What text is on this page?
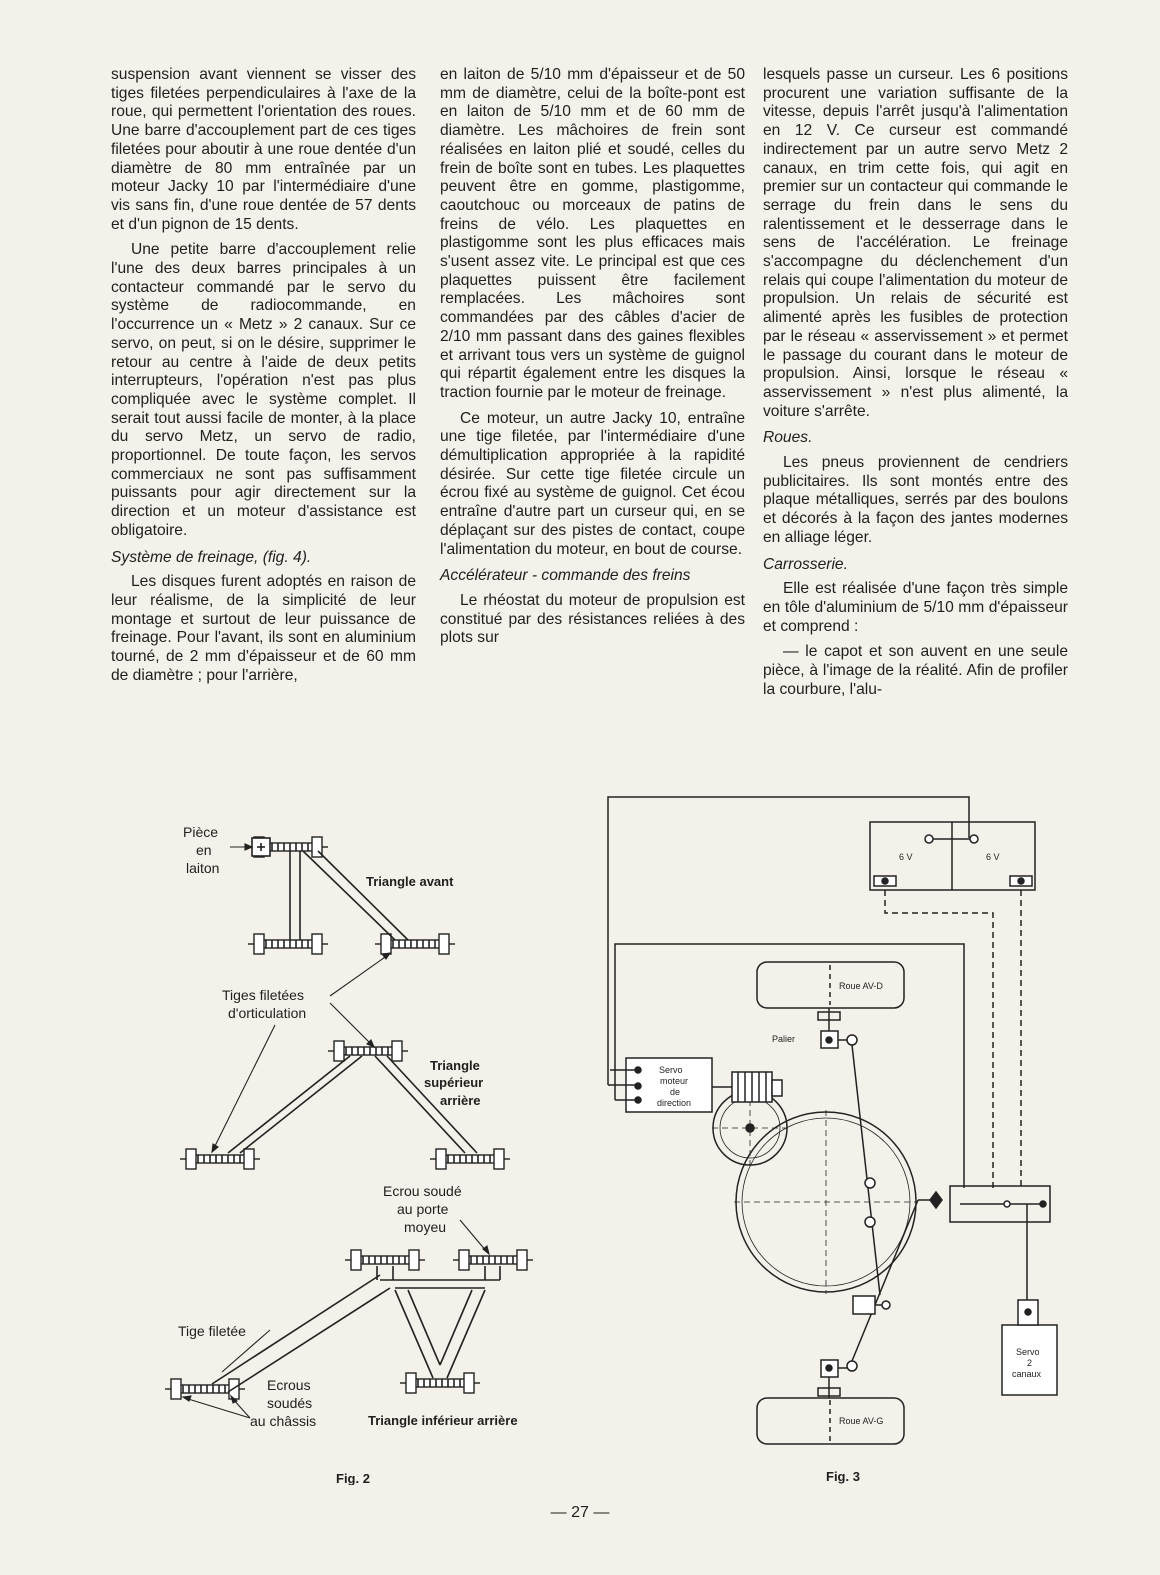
suspension avant viennent se visser des tiges filetées perpendiculaires à l'axe de la roue, qui permettent l'orientation des roues. Une barre d'accouplement part de ces tiges filetées pour aboutir à une roue dentée d'un diamètre de 80 mm entraînée par un moteur Jacky 10 par l'intermédiaire d'une vis sans fin, d'une roue dentée de 57 dents et d'un pignon de 15 dents.

Une petite barre d'accouplement relie l'une des deux barres principales à un contacteur commandé par le servo du système de radiocommande, en l'occurrence un « Metz » 2 canaux. Sur ce servo, on peut, si on le désire, supprimer le retour au centre à l'aide de deux petits interrupteurs, l'opération n'est pas plus compliquée avec le système complet. Il serait tout aussi facile de monter, à la place du servo Metz, un servo de radio, proportionnel. De toute façon, les servos commerciaux ne sont pas suffisamment puissants pour agir directement sur la direction et un moteur d'assistance est obligatoire.

Système de freinage, (fig. 4).

Les disques furent adoptés en raison de leur réalisme, de la simplicité de leur montage et surtout de leur puissance de freinage. Pour l'avant, ils sont en aluminium tourné, de 2 mm d'épaisseur et de 60 mm de diamètre ; pour l'arrière,

en laiton de 5/10 mm d'épaisseur et de 50 mm de diamètre, celui de la boîte-pont est en laiton de 5/10 mm et de 60 mm de diamètre. Les mâchoires de frein sont réalisées en laiton plié et soudé, celles du frein de boîte sont en tubes. Les plaquettes peuvent être en gomme, plastigomme, caoutchouc ou morceaux de patins de freins de vélo. Les plaquettes en plastigomme sont les plus efficaces mais s'usent assez vite. Le principal est que ces plaquettes puissent être facilement remplacées. Les mâchoires sont commandées par des câbles d'acier de 2/10 mm passant dans des gaines flexibles et arrivant tous vers un système de guignol qui répartit également entre les disques la traction fournie par le moteur de freinage.

Ce moteur, un autre Jacky 10, entraîne une tige filetée, par l'intermédiaire d'une démultiplication appropriée à la rapidité désirée. Sur cette tige filetée circule un écrou fixé au système de guignol. Cet écou entraîne d'autre part un curseur qui, en se déplaçant sur des pistes de contact, coupe l'alimentation du moteur, en bout de course.

Accélérateur - commande des freins

Le rhéostat du moteur de propulsion est constitué par des résistances reliées à des plots sur

lesquels passe un curseur. Les 6 positions procurent une variation suffisante de la vitesse, depuis l'arrêt jusqu'à l'alimentation en 12 V. Ce curseur est commandé indirectement par un autre servo Metz 2 canaux, en trim cette fois, qui agit en premier sur un contacteur qui commande le serrage du frein dans le sens du ralentissement et le desserrage dans le sens de l'accélération. Le freinage s'accompagne du déclenchement d'un relais qui coupe l'alimentation du moteur de propulsion. Un relais de sécurité est alimenté après les fusibles de protection par le réseau « asservissement » et permet le passage du courant dans le moteur de propulsion. Ainsi, lorsque le réseau « asservissement » n'est plus alimenté, la voiture s'arrête.

Roues.

Les pneus proviennent de cendriers publicitaires. Ils sont montés entre des plaque métalliques, serrés par des boulons et décorés à la façon des jantes modernes en alliage léger.

Carrosserie.

Elle est réalisée d'une façon très simple en tôle d'aluminium de 5/10 mm d'épaisseur et comprend :

— le capot et son auvent en une seule pièce, à l'image de la réalité. Afin de profiler la courbure, l'alu-

Pièce
en
laiton
Triangle avant
Tiges filetées
d'orticulation
Triangle
supérieur
arrière
Ecrou soudé
au porte
moyeu
Tige filetée
Ecrous
soudés
au châssis	Triangle inférieur arrière
Fig. 2
6 V	6 V
Roue AV-D
Palier
Servo
moteur
de
direction
Servo
2
canaux
Roue AV-G
Fig. 3
— 27 —
